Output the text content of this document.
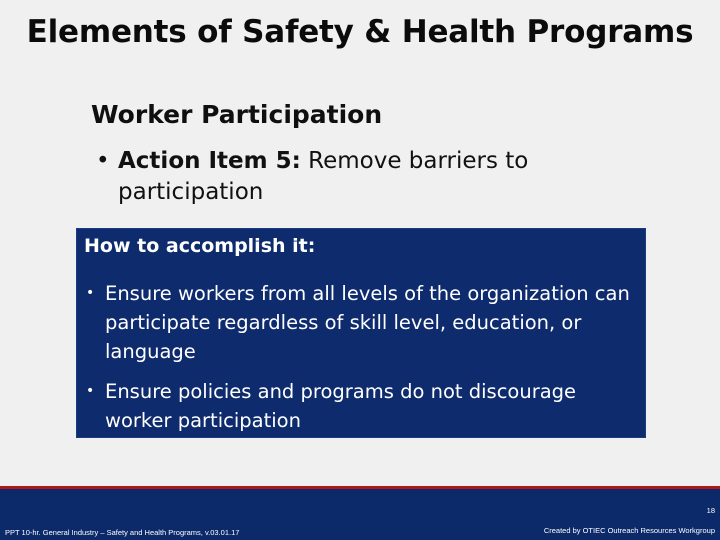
Elements of Safety & Health Programs
Worker Participation
• Action Item 5: Remove barriers to participation
How to accomplish it:
• Ensure workers from all levels of the organization can participate regardless of skill level, education, or language
• Ensure policies and programs do not discourage worker participation
PPT 10-hr. General Industry – Safety and Health Programs, v.03.01.17
18
Created by OTIEC Outreach Resources Workgroup
